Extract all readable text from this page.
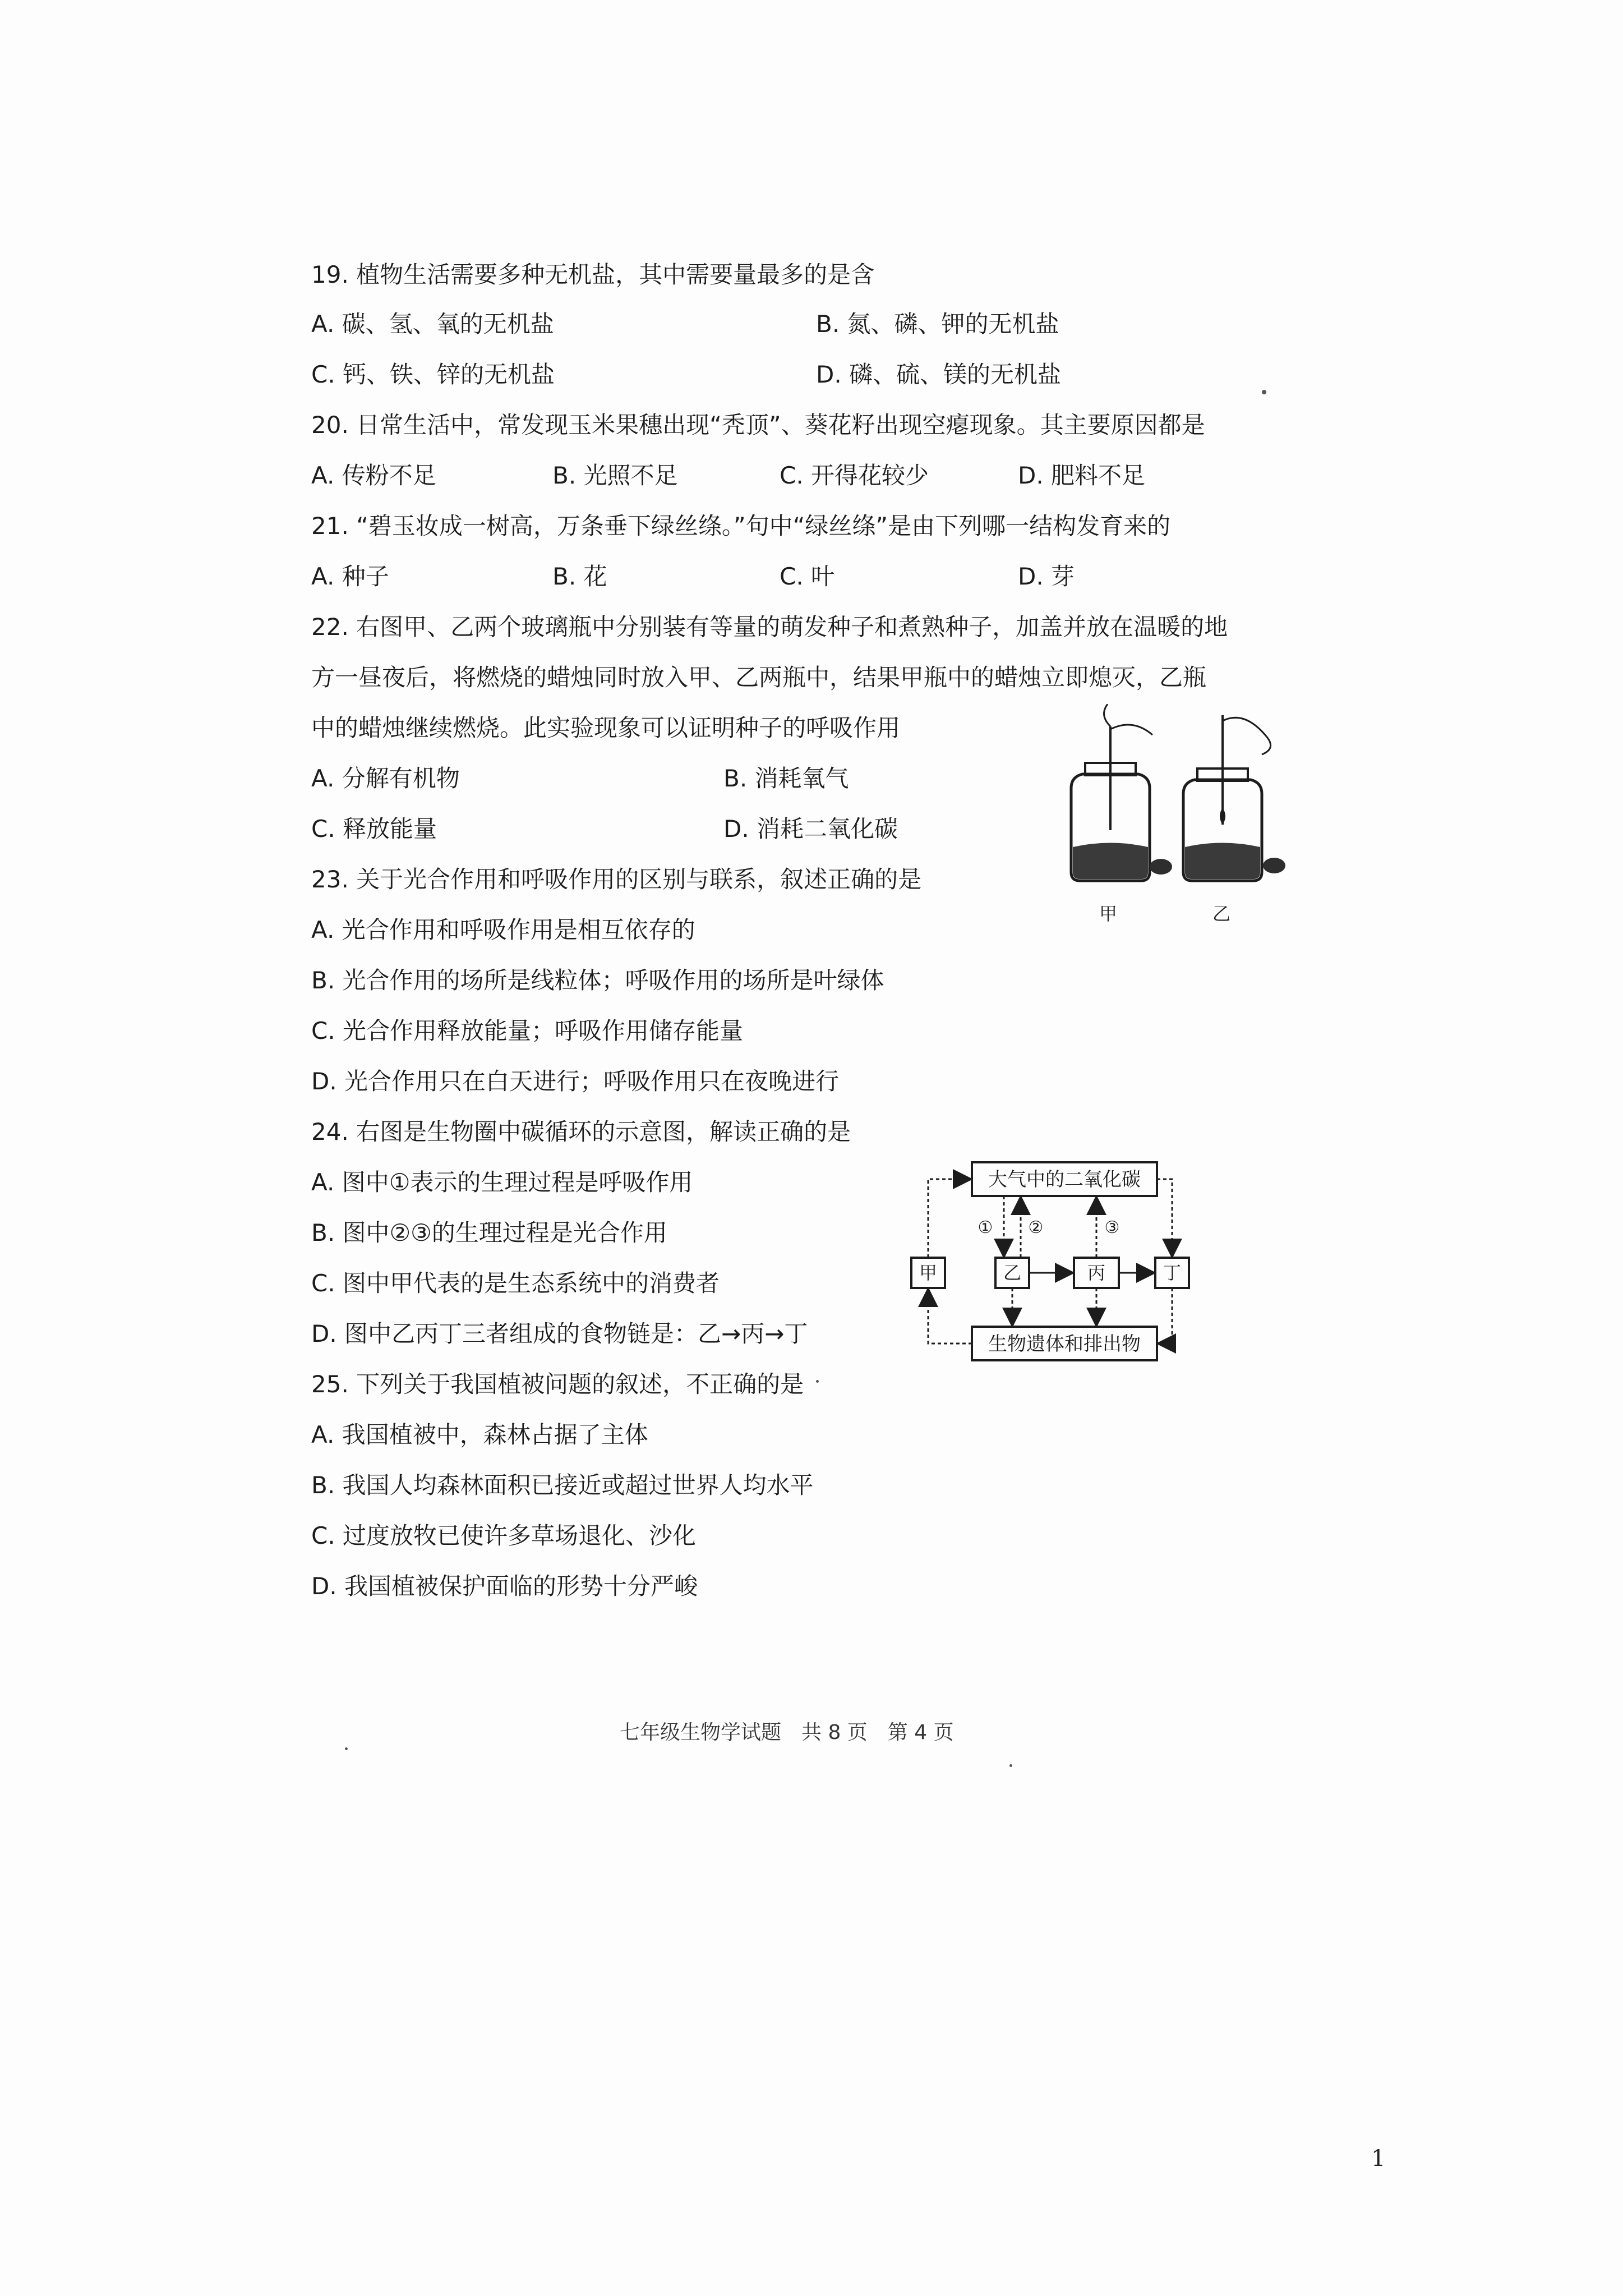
19. 植物生活需要多种无机盐，其中需要量最多的是含
A. 碳、氢、氧的无机盐	B. 氮、磷、钾的无机盐
C. 钙、铁、锌的无机盐	D. 磷、硫、镁的无机盐
20. 日常生活中，常发现玉米果穗出现“秃顶”、葵花籽出现空瘪现象。其主要原因都是
A. 传粉不足	B. 光照不足	C. 开得花较少	D. 肥料不足
21. “碧玉妆成一树高，万条垂下绿丝绦。”句中“绿丝绦”是由下列哪一结构发育来的
A. 种子	B. 花	C. 叶	D. 芽
22. 右图甲、乙两个玻璃瓶中分别装有等量的萌发种子和煮熟种子，加盖并放在温暖的地
方一昼夜后，将燃烧的蜡烛同时放入甲、乙两瓶中，结果甲瓶中的蜡烛立即熄灭，乙瓶
中的蜡烛继续燃烧。此实验现象可以证明种子的呼吸作用
A. 分解有机物	B. 消耗氧气
C. 释放能量	D. 消耗二氧化碳
23. 关于光合作用和呼吸作用的区别与联系，叙述正确的是
A. 光合作用和呼吸作用是相互依存的
B. 光合作用的场所是线粒体；呼吸作用的场所是叶绿体
C. 光合作用释放能量；呼吸作用储存能量
D. 光合作用只在白天进行；呼吸作用只在夜晚进行
24. 右图是生物圈中碳循环的示意图，解读正确的是
A. 图中①表示的生理过程是呼吸作用
B. 图中②③的生理过程是光合作用
C. 图中甲代表的是生态系统中的消费者
D. 图中乙丙丁三者组成的食物链是：乙→丙→丁
25. 下列关于我国植被问题的叙述，不正确的是
A. 我国植被中，森林占据了主体
B. 我国人均森林面积已接近或超过世界人均水平
C. 过度放牧已使许多草场退化、沙化
D. 我国植被保护面临的形势十分严峻
甲	乙
大气中的二氧化碳
生物遗体和排出物
甲	乙	丙	丁
① ②	③
七年级生物学试题　共 8 页　第 4 页
1
